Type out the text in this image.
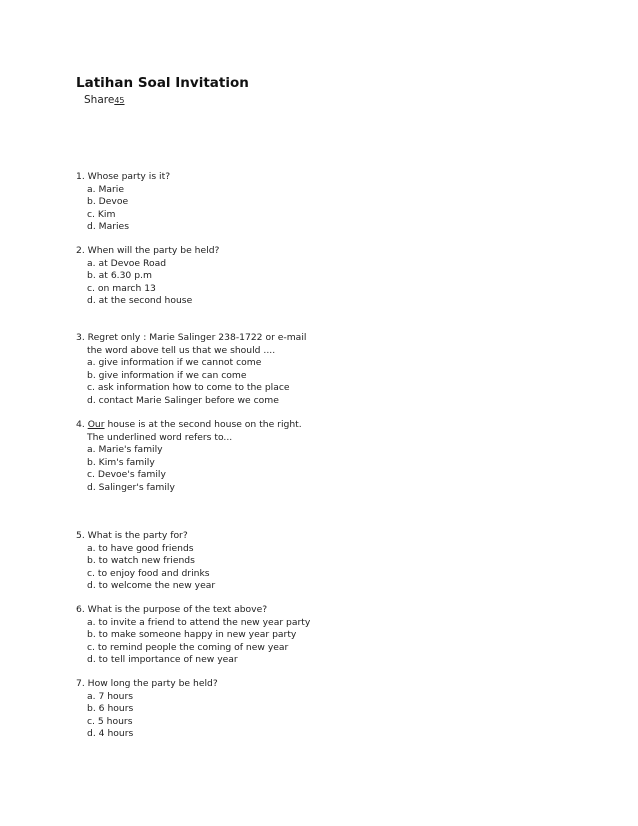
Latihan Soal Invitation
Share45
1. Whose party is it?
a. Marie
b. Devoe
c. Kim
d. Maries
2. When will the party be held?
a. at Devoe Road
b. at 6.30 p.m
c. on march 13
d. at the second house
3. Regret only : Marie Salinger 238-1722 or e-mail
the word above tell us that we should ....
a. give information if we cannot come
b. give information if we can come
c. ask information how to come to the place
d. contact Marie Salinger before we come
4. Our house is at the second house on the right.
The underlined word refers to...
a. Marie's family
b. Kim's family
c. Devoe's family
d. Salinger's family
5. What is the party for?
a. to have good friends
b. to watch new friends
c. to enjoy food and drinks
d. to welcome the new year
6. What is the purpose of the text above?
a. to invite a friend to attend the new year party
b. to make someone happy in new year party
c. to remind people the coming of new year
d. to tell importance of new year
7. How long the party be held?
a. 7 hours
b. 6 hours
c. 5 hours
d. 4 hours
